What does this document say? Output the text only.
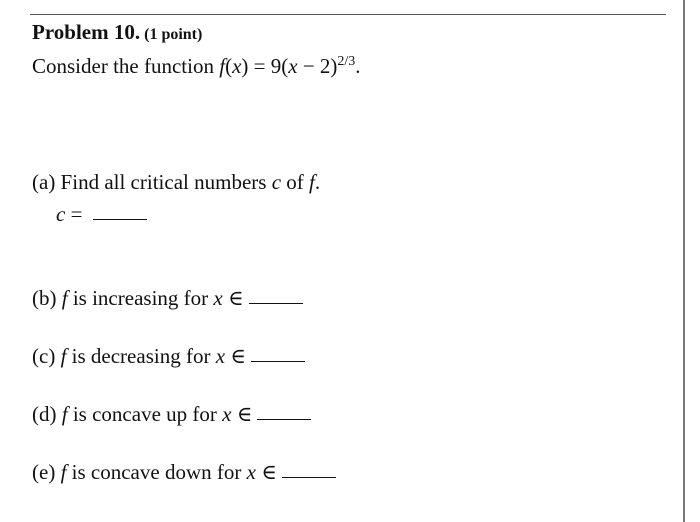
Problem 10. (1 point)
Consider the function $f(x) = 9(x - 2)^{2/3}$.
(a) Find all critical numbers c of f.
c =
(b) f is increasing for x ∈
(c) f is decreasing for x ∈
(d) f is concave up for x ∈
(e) f is concave down for x ∈
